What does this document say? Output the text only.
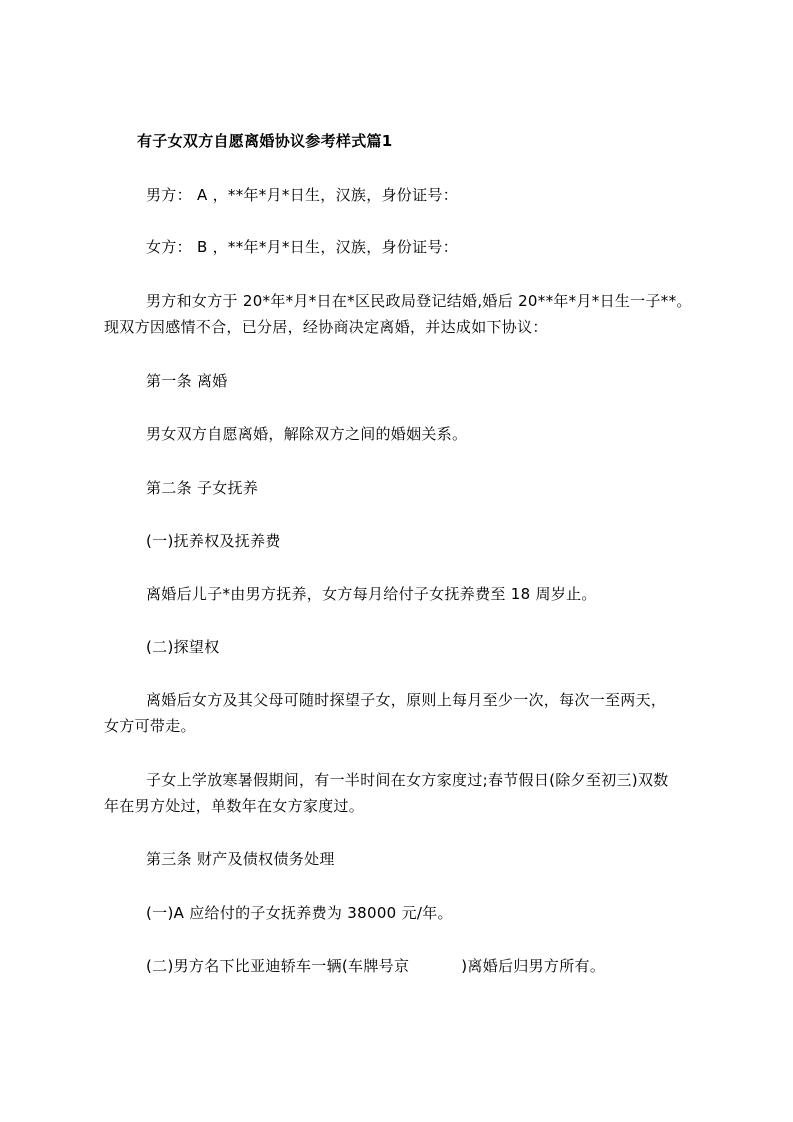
有子女双方自愿离婚协议参考样式篇1
男方： A ，**年*月*日生，汉族，身份证号：
女方： B ，**年*月*日生，汉族，身份证号：
男方和女方于 20*年*月*日在*区民政局登记结婚,婚后 20**年*月*日生一子**。
现双方因感情不合，已分居，经协商决定离婚，并达成如下协议：
第一条 离婚
男女双方自愿离婚，解除双方之间的婚姻关系。
第二条 子女抚养
(一)抚养权及抚养费
离婚后儿子*由男方抚养，女方每月给付子女抚养费至 18 周岁止。
(二)探望权
离婚后女方及其父母可随时探望子女，原则上每月至少一次，每次一至两天，
女方可带走。
子女上学放寒暑假期间，有一半时间在女方家度过;春节假日(除夕至初三)双数
年在男方处过，单数年在女方家度过。
第三条 财产及债权债务处理
(一)A 应给付的子女抚养费为 38000 元/年。
(二)男方名下比亚迪轿车一辆(车牌号京	)离婚后归男方所有。
